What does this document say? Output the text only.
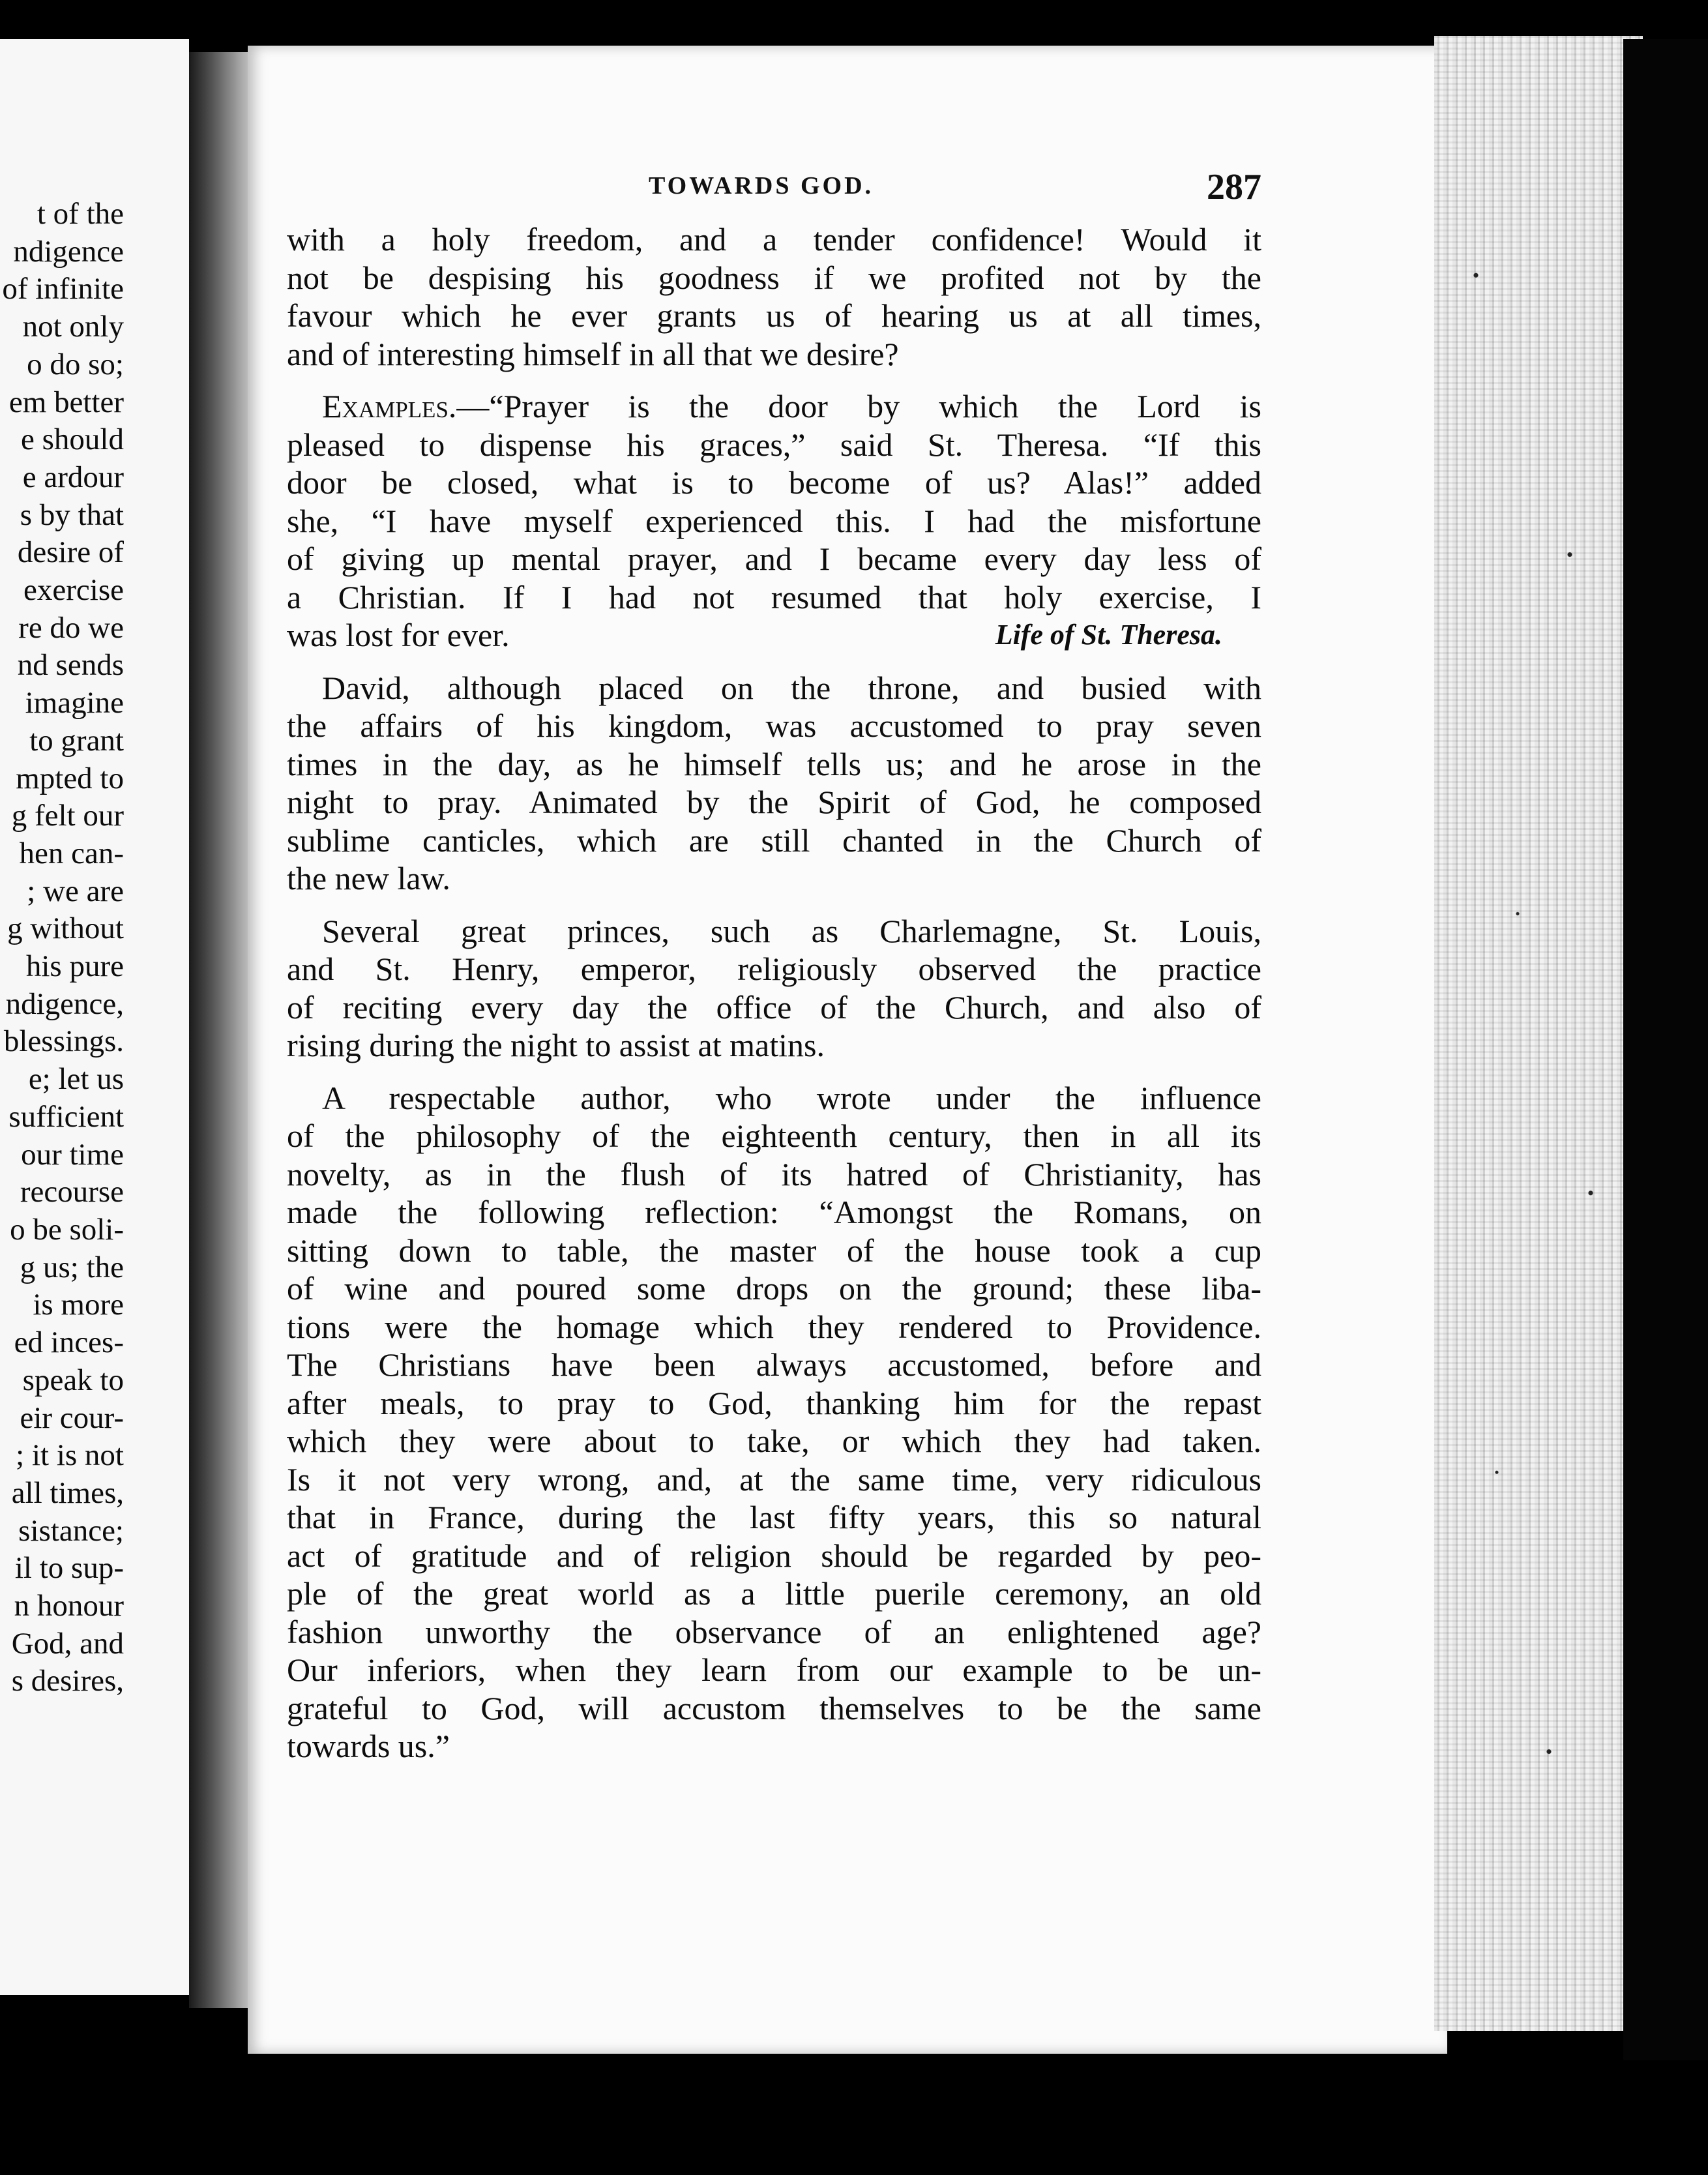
t of the
ndigence
of infinite
not only
o do so;
em better
e should
e ardour
s by that
desire of
exercise
re do we
nd sends
imagine
to grant
mpted to
g felt our
hen can-
; we are
g without
his pure
ndigence,
blessings.
e; let us
sufficient
our time
recourse
o be soli-
g us; the
is more
ed inces-
speak to
eir cour-
; it is not
all times,
sistance;
il to sup-
n honour
God, and
s desires,
TOWARDS GOD.	287
with a holy freedom, and a tender confidence! Would it
not be despising his goodness if we profited not by the
favour which he ever grants us of hearing us at all times,
and of interesting himself in all that we desire?
Examples.—“Prayer is the door by which the Lord is
pleased to dispense his graces,” said St. Theresa. “If this
door be closed, what is to become of us? Alas!” added
she, “I have myself experienced this. I had the misfortune
of giving up mental prayer, and I became every day less of
a Christian. If I had not resumed that holy exercise, I
was lost for ever.	Life of St. Theresa.
David, although placed on the throne, and busied with
the affairs of his kingdom, was accustomed to pray seven
times in the day, as he himself tells us; and he arose in the
night to pray. Animated by the Spirit of God, he composed
sublime canticles, which are still chanted in the Church of
the new law.
Several great princes, such as Charlemagne, St. Louis,
and St. Henry, emperor, religiously observed the practice
of reciting every day the office of the Church, and also of
rising during the night to assist at matins.
A respectable author, who wrote under the influence
of the philosophy of the eighteenth century, then in all its
novelty, as in the flush of its hatred of Christianity, has
made the following reflection: “Amongst the Romans, on
sitting down to table, the master of the house took a cup
of wine and poured some drops on the ground; these liba-
tions were the homage which they rendered to Providence.
The Christians have been always accustomed, before and
after meals, to pray to God, thanking him for the repast
which they were about to take, or which they had taken.
Is it not very wrong, and, at the same time, very ridiculous
that in France, during the last fifty years, this so natural
act of gratitude and of religion should be regarded by peo-
ple of the great world as a little puerile ceremony, an old
fashion unworthy the observance of an enlightened age?
Our inferiors, when they learn from our example to be un-
grateful to God, will accustom themselves to be the same
towards us.”
